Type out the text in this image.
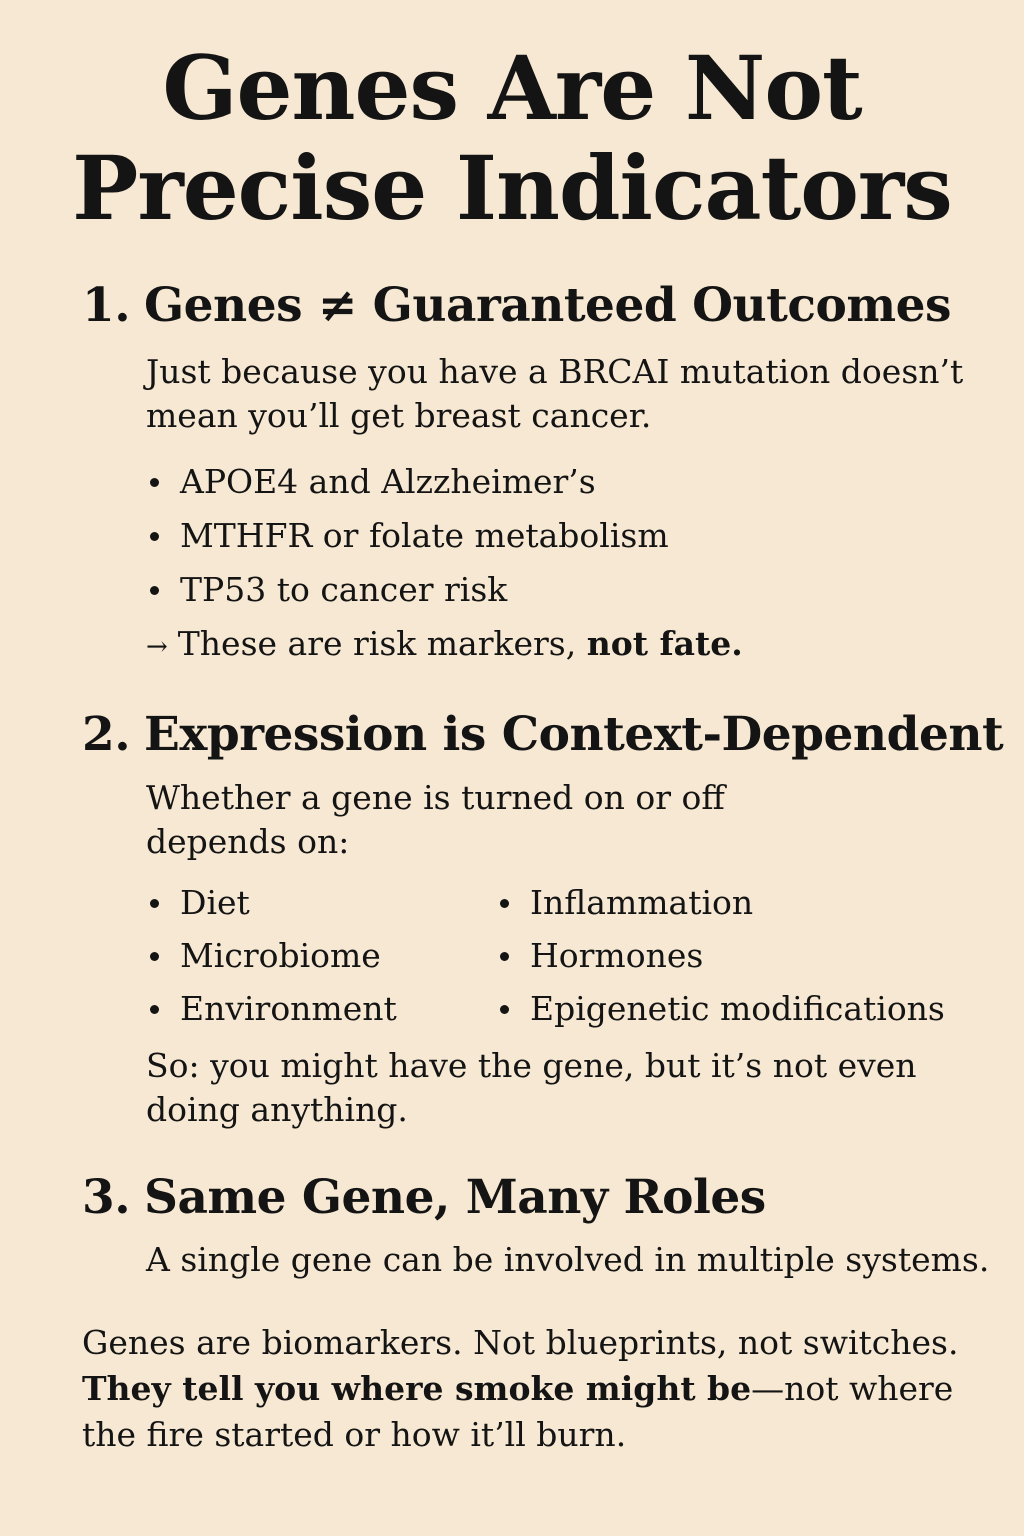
Genes Are Not
Precise Indicators
1. Genes ≠ Guaranteed Outcomes

Just because you have a BRCAI mutation doesn’t
mean you’ll get breast cancer.

APOE4 and Alzzheimer’s
MTHFR or folate metabolism
TP53 to cancer risk
→ These are risk markers, not fate.
2. Expression is Context-Dependent

Whether a gene is turned on or off
depends on:

Diet
Microbiome
Environment
Inflammation
Hormones
Epigenetic modifications

So: you might have the gene, but it’s not even
doing anything.

3. Same Gene, Many Roles

A single gene can be involved in multiple systems.

Genes are biomarkers. Not blueprints, not switches.
They tell you where smoke might be—not where
the fire started or how it’ll burn.
